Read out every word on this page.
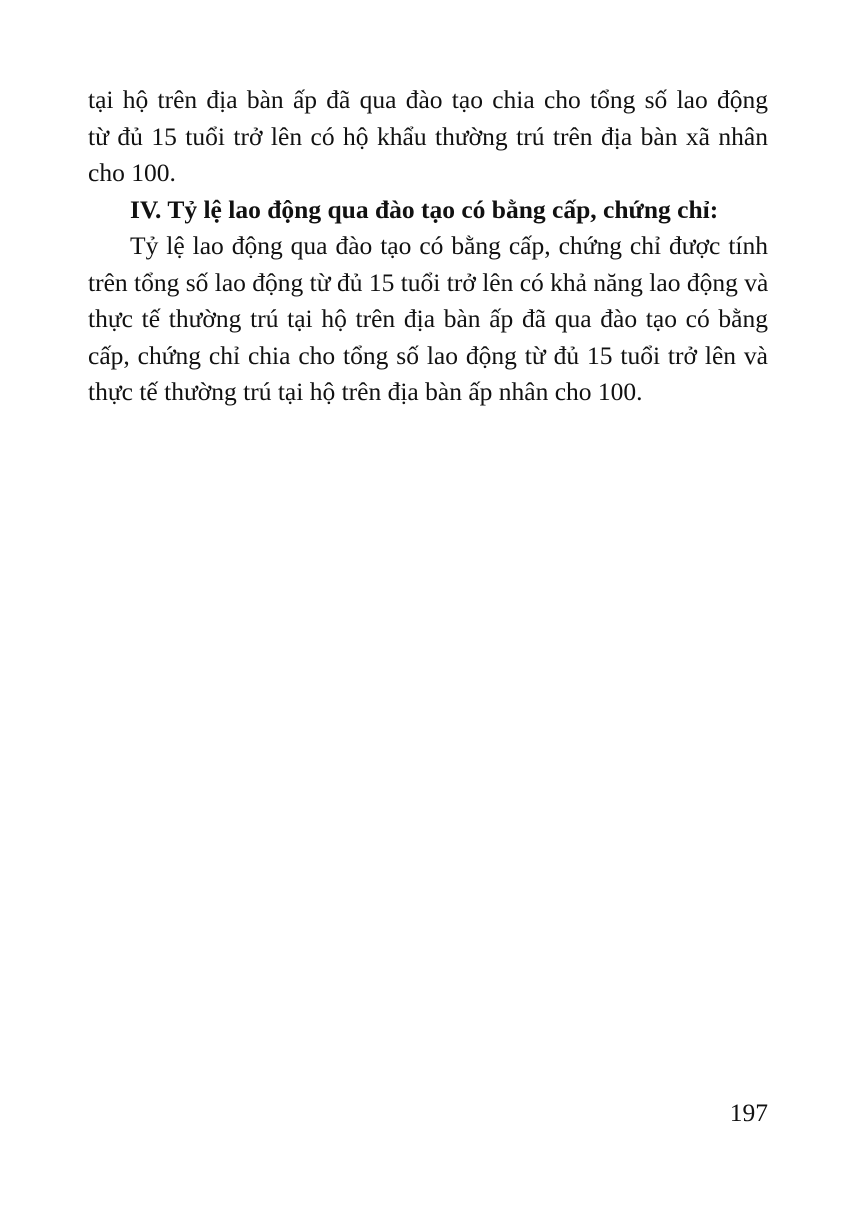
tại hộ trên địa bàn ấp đã qua đào tạo chia cho tổng số lao động
từ đủ 15 tuổi trở lên có hộ khẩu thường trú trên địa bàn xã nhân
cho 100.

IV. Tỷ lệ lao động qua đào tạo có bằng cấp, chứng chỉ:

Tỷ lệ lao động qua đào tạo có bằng cấp, chứng chỉ được tính
trên tổng số lao động từ đủ 15 tuổi trở lên có khả năng lao động và
thực tế thường trú tại hộ trên địa bàn ấp đã qua đào tạo có bằng
cấp, chứng chỉ chia cho tổng số lao động từ đủ 15 tuổi trở lên và
thực tế thường trú tại hộ trên địa bàn ấp nhân cho 100.

197
